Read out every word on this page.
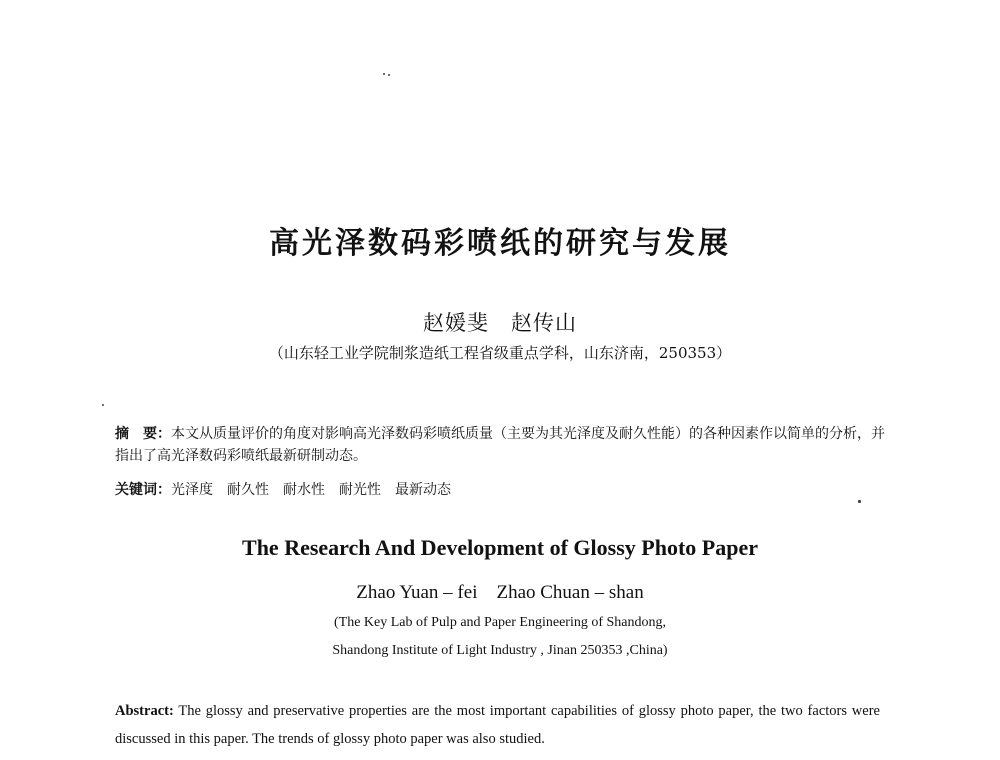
高光泽数码彩喷纸的研究与发展
赵媛斐　赵传山
（山东轻工业学院制浆造纸工程省级重点学科，山东济南，250353）
摘　要：本文从质量评价的角度对影响高光泽数码彩喷纸质量（主要为其光泽度及耐久性能）的各种因素作以简单的分析，并指出了高光泽数码彩喷纸最新研制动态。
关键词：光泽度　耐久性　耐水性　耐光性　最新动态
The Research And Development of Glossy Photo Paper
Zhao Yuan – fei　Zhao Chuan – shan
(The Key Lab of Pulp and Paper Engineering of Shandong,
Shandong Institute of Light Industry , Jinan 250353 ,China)
Abstract: The glossy and preservative properties are the most important capabilities of glossy photo paper, the two factors were discussed in this paper. The trends of glossy photo paper was also studied.
